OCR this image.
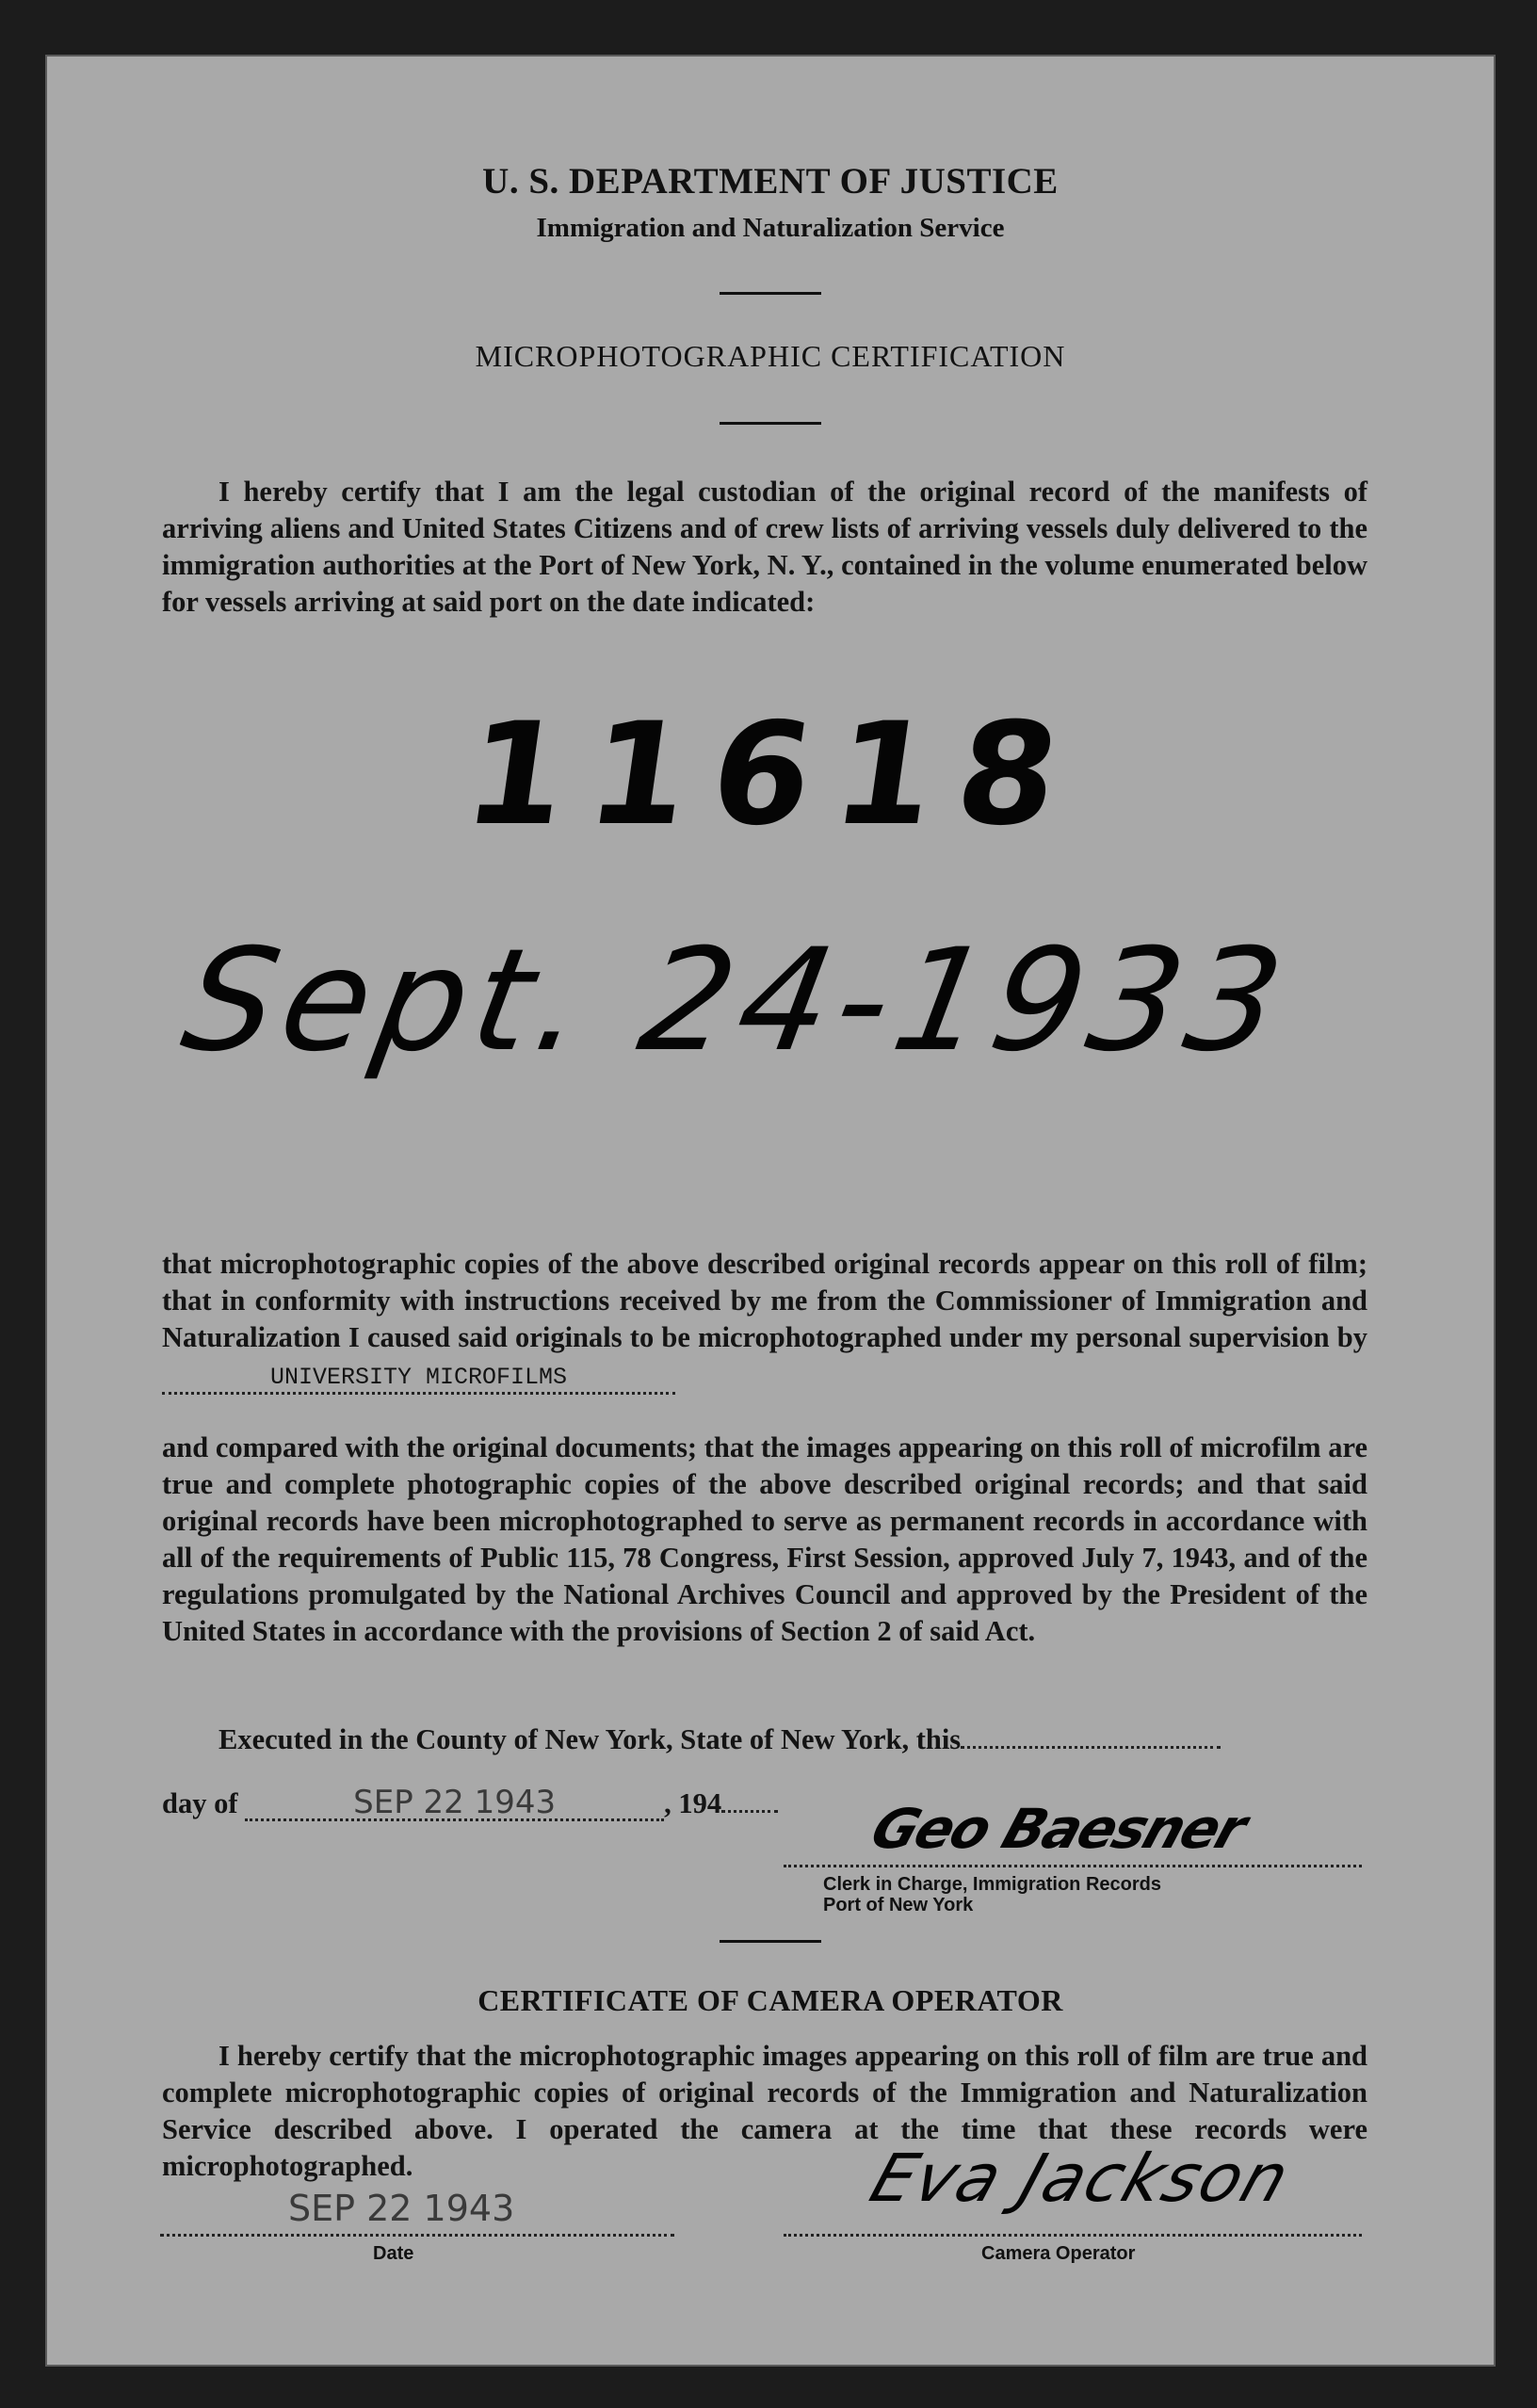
U. S. DEPARTMENT OF JUSTICE
Immigration and Naturalization Service
MICROPHOTOGRAPHIC CERTIFICATION
I hereby certify that I am the legal custodian of the original record of the manifests of arriving aliens and United States Citizens and of crew lists of arriving vessels duly delivered to the immigration authorities at the Port of New York, N. Y., contained in the volume enumerated below for vessels arriving at said port on the date indicated:
11618
Sept. 24-1933
that microphotographic copies of the above described original records appear on this roll of film; that in conformity with instructions received by me from the Commissioner of Immigration and Naturalization I caused said originals to be microphotographed under my personal supervision by UNIVERSITY MICROFILMS
and compared with the original documents; that the images appearing on this roll of microfilm are true and complete photographic copies of the above described original records; and that said original records have been microphotographed to serve as permanent records in accordance with all of the requirements of Public 115, 78 Congress, First Session, approved July 7, 1943, and of the regulations promulgated by the National Archives Council and approved by the President of the United States in accordance with the provisions of Section 2 of said Act.
Executed in the County of New York, State of New York, this
day of	SEP 22 1943	, 194	Geo Baesner
Clerk in Charge, Immigration Records
Port of New York
CERTIFICATE OF CAMERA OPERATOR
I hereby certify that the microphotographic images appearing on this roll of film are true and complete microphotographic copies of original records of the Immigration and Naturalization Service described above. I operated the camera at the time that these records were microphotographed.
SEP 22 1943
Date
Eva Jackson
Camera Operator
